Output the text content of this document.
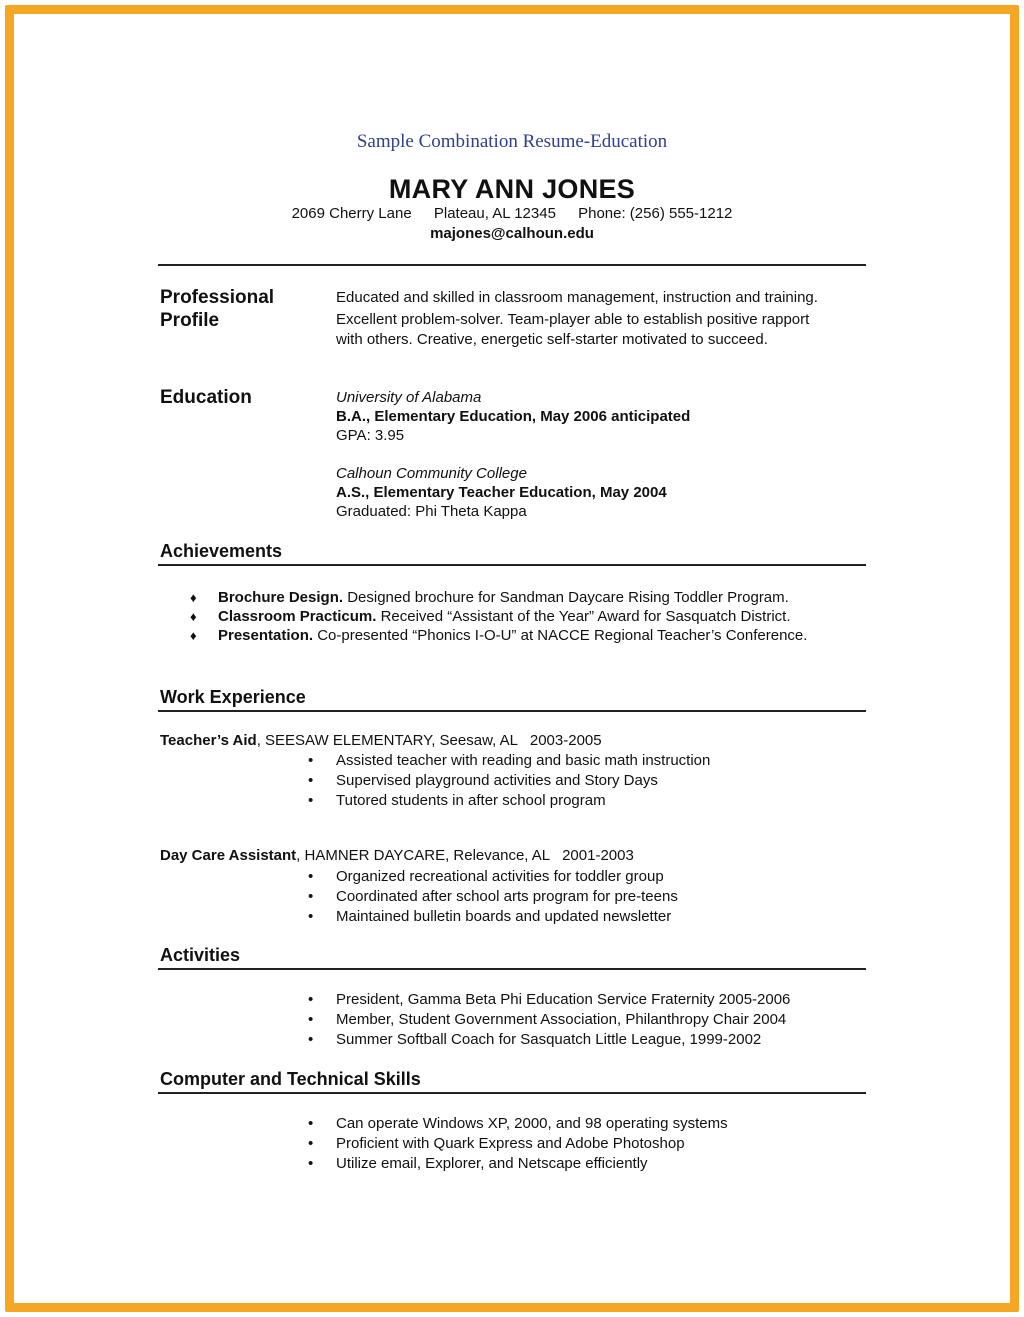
Sample Combination Resume-Education
MARY ANN JONES
2069 Cherry Lane Plateau, AL 12345 Phone: (256) 555-1212
majones@calhoun.edu
Professional
Profile
Educated and skilled in classroom management, instruction and training.
Excellent problem-solver. Team-player able to establish positive rapport
with others. Creative, energetic self-starter motivated to succeed.
Education	University of Alabama
B.A., Elementary Education, May 2006 anticipated
GPA: 3.95
Calhoun Community College
A.S., Elementary Teacher Education, May 2004
Graduated: Phi Theta Kappa
Achievements
♦	Brochure Design. Designed brochure for Sandman Daycare Rising Toddler Program.
♦	Classroom Practicum. Received “Assistant of the Year” Award for Sasquatch District.
♦	Presentation. Co-presented “Phonics I-O-U” at NACCE Regional Teacher’s Conference.
Work Experience
Teacher’s Aid, SEESAW ELEMENTARY, Seesaw, AL   2003-2005
•	Assisted teacher with reading and basic math instruction
•	Supervised playground activities and Story Days
•	Tutored students in after school program
Day Care Assistant, HAMNER DAYCARE, Relevance, AL   2001-2003
•	Organized recreational activities for toddler group
•	Coordinated after school arts program for pre-teens
•	Maintained bulletin boards and updated newsletter
Activities
•	President, Gamma Beta Phi Education Service Fraternity 2005-2006
•	Member, Student Government Association, Philanthropy Chair 2004
•	Summer Softball Coach for Sasquatch Little League, 1999-2002
Computer and Technical Skills
•	Can operate Windows XP, 2000, and 98 operating systems
•	Proficient with Quark Express and Adobe Photoshop
•	Utilize email, Explorer, and Netscape efficiently
